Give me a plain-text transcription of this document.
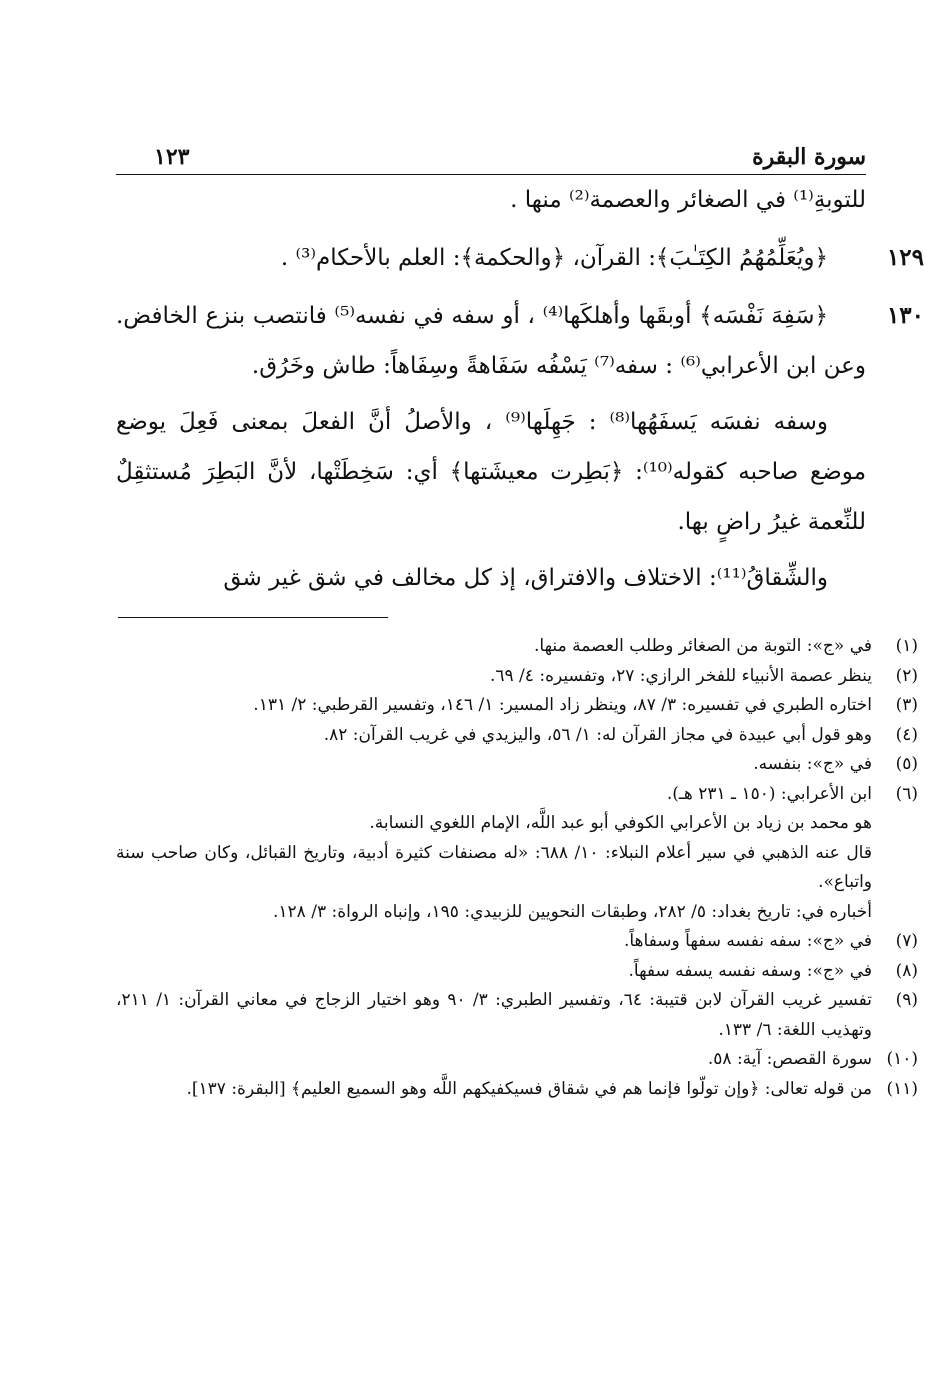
سورة البقرة
١٢٣

للتوبةِ⁽¹⁾ في الصغائر والعصمة⁽²⁾ منها .

١٢٩
﴿ويُعَلِّمُهُمُ الكِتَـٰبَ﴾: القرآن، ﴿والحكمة﴾: العلم بالأحكام⁽³⁾ .
١٣٠
﴿سَفِهَ نَفْسَه﴾ أوبقَها وأهلكَها⁽⁴⁾ ، أو سفه في نفسه⁽⁵⁾ فانتصب بنزع الخافض. وعن ابن الأعرابي⁽⁶⁾ : سفه⁽⁷⁾ يَسْفُه سَفَاهةً وسِفَاهاً: طاش وخَرُق.

وسفه نفسَه يَسفَهُها⁽⁸⁾ : جَهِلَها⁽⁹⁾ ، والأصلُ أنَّ الفعلَ بمعنى فَعِلَ يوضع موضع صاحبه كقوله⁽¹⁰⁾: ﴿بَطِرت معيشَتها﴾ أي: سَخِطَتْها، لأنَّ البَطِرَ مُستثقِلٌ للنِّعمة غيرُ راضٍ بها.

والشِّقاقُ⁽¹¹⁾: الاختلاف والافتراق، إذ كل مخالف في شق غير شق

(١)
في «ج»: التوبة من الصغائر وطلب العصمة منها.
(٢)
ينظر عصمة الأنبياء للفخر الرازي: ٢٧، وتفسيره: ٤/ ٦٩.
(٣)
اختاره الطبري في تفسيره: ٣/ ٨٧، وينظر زاد المسير: ١/ ١٤٦، وتفسير القرطبي: ٢/ ١٣١.
(٤)
وهو قول أبي عبيدة في مجاز القرآن له: ١/ ٥٦، واليزيدي في غريب القرآن: ٨٢.
(٥)
في «ج»: بنفسه.
(٦)
ابن الأعرابي: (١٥٠ ـ ٢٣١ هـ).

هو محمد بن زياد بن الأعرابي الكوفي أبو عبد اللَّه، الإمام اللغوي النسابة.

قال عنه الذهبي في سير أعلام النبلاء: ١٠/ ٦٨٨: «له مصنفات كثيرة أدبية، وتاريخ القبائل، وكان صاحب سنة واتباع».

أخباره في: تاريخ بغداد: ٥/ ٢٨٢، وطبقات النحويين للزبيدي: ١٩٥، وإنباه الرواة: ٣/ ١٢٨.

(٧)
في «ج»: سفه نفسه سفهاً وسفاهاً.
(٨)
في «ج»: وسفه نفسه يسفه سفهاً.
(٩)
تفسير غريب القرآن لابن قتيبة: ٦٤، وتفسير الطبري: ٣/ ٩٠ وهو اختيار الزجاج في معاني القرآن: ١/ ٢١١، وتهذيب اللغة: ٦/ ١٣٣.
(١٠)
سورة القصص: آية: ٥٨.
(١١)
من قوله تعالى: ﴿وإن تولّوا فإنما هم في شقاق فسيكفيكهم اللَّه وهو السميع العليم﴾ [البقرة: ١٣٧].
